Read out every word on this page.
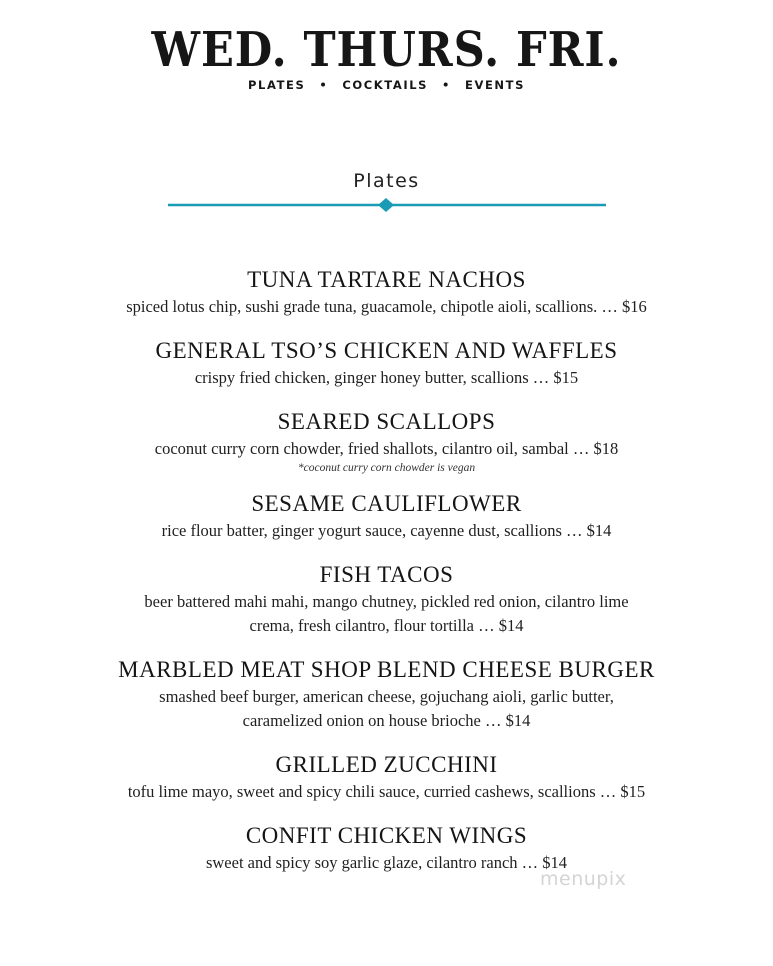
WED. THURS. FRI.
PLATES • COCKTAILS • EVENTS
Plates
TUNA TARTARE NACHOS
spiced lotus chip, sushi grade tuna, guacamole, chipotle aioli, scallions. … $16
GENERAL TSO’S CHICKEN AND WAFFLES
crispy fried chicken, ginger honey butter, scallions … $15
SEARED SCALLOPS
coconut curry corn chowder, fried shallots, cilantro oil, sambal … $18
*coconut curry corn chowder is vegan
SESAME CAULIFLOWER
rice flour batter, ginger yogurt sauce, cayenne dust, scallions … $14
FISH TACOS
beer battered mahi mahi, mango chutney, pickled red onion, cilantro lime
crema, fresh cilantro, flour tortilla … $14
MARBLED MEAT SHOP BLEND CHEESE BURGER
smashed beef burger, american cheese, gojuchang aioli, garlic butter,
caramelized onion on house brioche … $14
GRILLED ZUCCHINI
tofu lime mayo, sweet and spicy chili sauce, curried cashews, scallions … $15
CONFIT CHICKEN WINGS
sweet and spicy soy garlic glaze, cilantro ranch … $14
menupix
